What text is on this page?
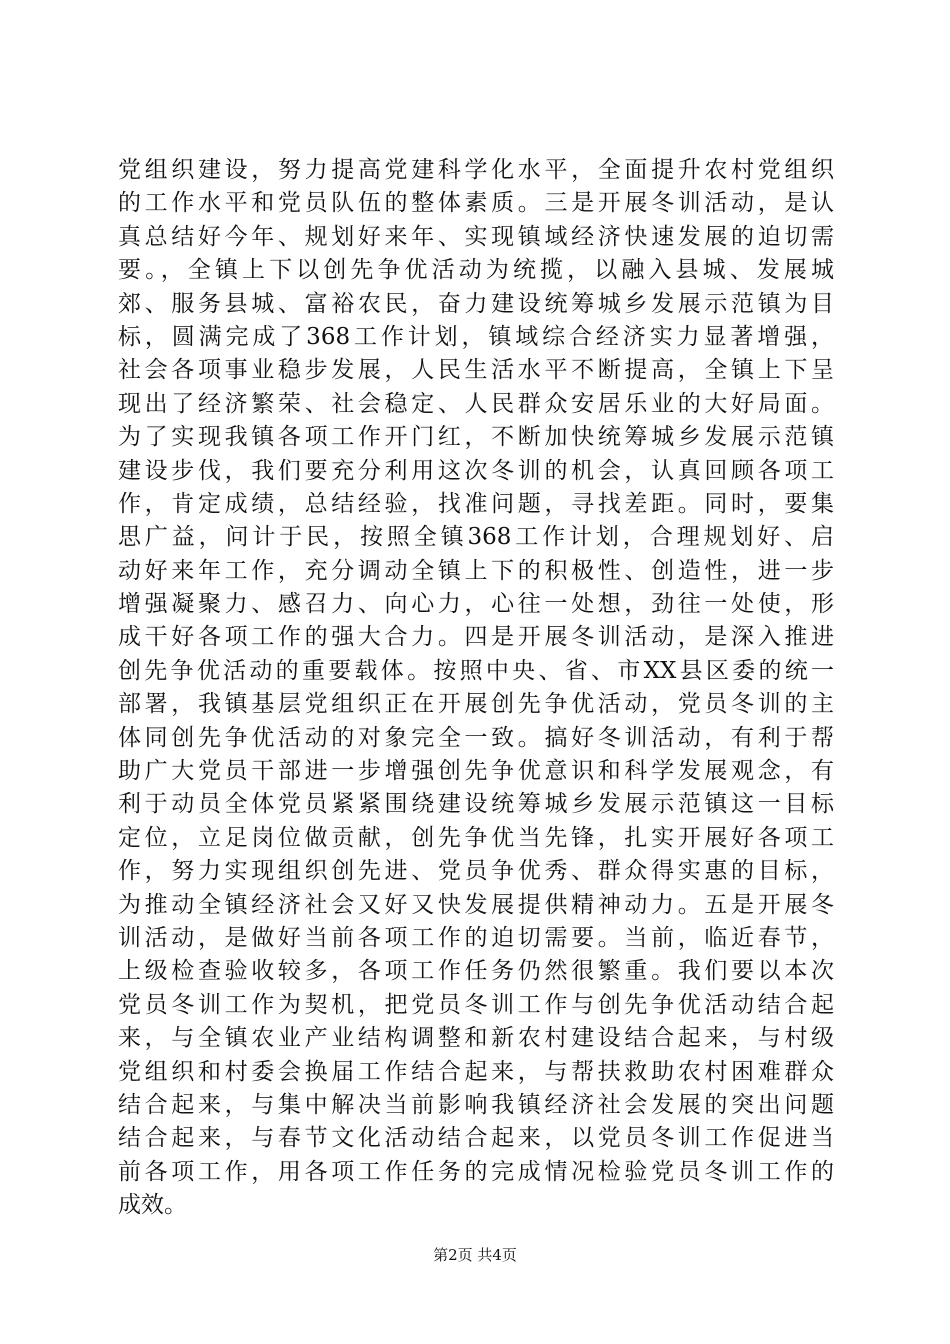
党组织建设，努力提高党建科学化水平，全面提升农村党组织
的工作水平和党员队伍的整体素质。三是开展冬训活动，是认
真总结好今年、规划好来年、实现镇域经济快速发展的迫切需
要。，全镇上下以创先争优活动为统揽，以融入县城、发展城
郊、服务县城、富裕农民，奋力建设统筹城乡发展示范镇为目
标，圆满完成了368工作计划，镇域综合经济实力显著增强，
社会各项事业稳步发展，人民生活水平不断提高，全镇上下呈
现出了经济繁荣、社会稳定、人民群众安居乐业的大好局面。
为了实现我镇各项工作开门红，不断加快统筹城乡发展示范镇
建设步伐，我们要充分利用这次冬训的机会，认真回顾各项工
作，肯定成绩，总结经验，找准问题，寻找差距。同时，要集
思广益，问计于民，按照全镇368工作计划，合理规划好、启
动好来年工作，充分调动全镇上下的积极性、创造性，进一步
增强凝聚力、感召力、向心力，心往一处想，劲往一处使，形
成干好各项工作的强大合力。四是开展冬训活动，是深入推进
创先争优活动的重要载体。按照中央、省、市XX县区委的统一
部署，我镇基层党组织正在开展创先争优活动，党员冬训的主
体同创先争优活动的对象完全一致。搞好冬训活动，有利于帮
助广大党员干部进一步增强创先争优意识和科学发展观念，有
利于动员全体党员紧紧围绕建设统筹城乡发展示范镇这一目标
定位，立足岗位做贡献，创先争优当先锋，扎实开展好各项工
作，努力实现组织创先进、党员争优秀、群众得实惠的目标，
为推动全镇经济社会又好又快发展提供精神动力。五是开展冬
训活动，是做好当前各项工作的迫切需要。当前，临近春节，
上级检查验收较多，各项工作任务仍然很繁重。我们要以本次
党员冬训工作为契机，把党员冬训工作与创先争优活动结合起
来，与全镇农业产业结构调整和新农村建设结合起来，与村级
党组织和村委会换届工作结合起来，与帮扶救助农村困难群众
结合起来，与集中解决当前影响我镇经济社会发展的突出问题
结合起来，与春节文化活动结合起来，以党员冬训工作促进当
前各项工作，用各项工作任务的完成情况检验党员冬训工作的
成效。
第2页 共4页
